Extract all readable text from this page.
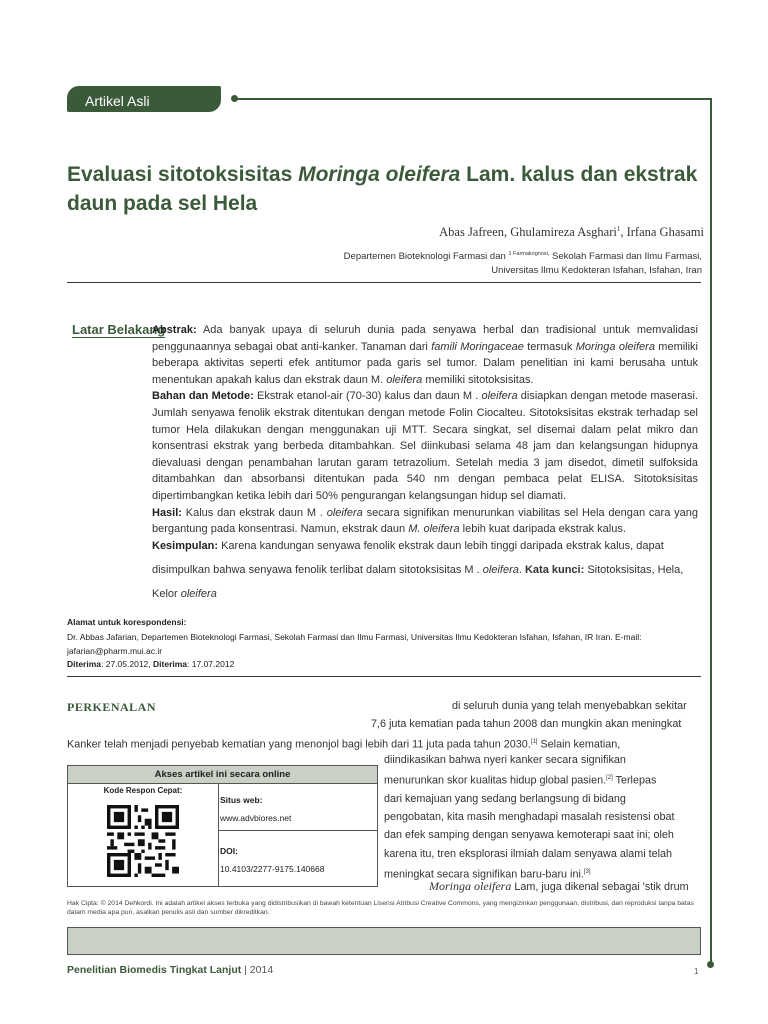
Artikel Asli
Evaluasi sitotoksisitas Moringa oleifera Lam. kalus dan ekstrak
daun pada sel Hela
Abas Jafreen, Ghulamireza Asghari$^1$, Irfana Ghasami
Departemen Bioteknologi Farmasi dan $^{1 Farmakognosi,}$ Sekolah Farmasi dan Ilmu Farmasi,
Universitas Ilmu Kedokteran Isfahan, Isfahan, Iran
Latar Belakang
Abstrak: Ada banyak upaya di seluruh dunia pada senyawa herbal dan tradisional untuk memvalidasi penggunaannya sebagai obat anti-kanker. Tanaman dari famili Moringaceae termasuk Moringa oleifera memiliki beberapa aktivitas seperti efek antitumor pada garis sel tumor. Dalam penelitian ini kami berusaha untuk menentukan apakah kalus dan ekstrak daun M. oleifera memiliki sitotoksisitas.
Bahan dan Metode: Ekstrak etanol-air (70-30) kalus dan daun M . oleifera disiapkan dengan metode maserasi. Jumlah senyawa fenolik ekstrak ditentukan dengan metode Folin Ciocalteu. Sitotoksisitas ekstrak terhadap sel tumor Hela dilakukan dengan menggunakan uji MTT. Secara singkat, sel disemai dalam pelat mikro dan konsentrasi ekstrak yang berbeda ditambahkan. Sel diinkubasi selama 48 jam dan kelangsungan hidupnya dievaluasi dengan penambahan larutan garam tetrazolium. Setelah media 3 jam disedot, dimetil sulfoksida ditambahkan dan absorbansi ditentukan pada 540 nm dengan pembaca pelat ELISA. Sitotoksisitas dipertimbangkan ketika lebih dari 50% pengurangan kelangsungan hidup sel diamati.
Hasil: Kalus dan ekstrak daun M . oleifera secara signifikan menurunkan viabilitas sel Hela dengan cara yang bergantung pada konsentrasi. Namun, ekstrak daun M. oleifera lebih kuat daripada ekstrak kalus.
Kesimpulan: Karena kandungan senyawa fenolik ekstrak daun lebih tinggi daripada ekstrak kalus, dapat
disimpulkan bahwa senyawa fenolik terlibat dalam sitotoksisitas M . oleifera. Kata kunci: Sitotoksisitas, Hela,
Kelor oleifera
Alamat untuk korespondensi:
Dr. Abbas Jafarian, Departemen Bioteknologi Farmasi, Sekolah Farmasi dan Ilmu Farmasi, Universitas Ilmu Kedokteran Isfahan, Isfahan, IR Iran. E-mail:
jafarian@pharm.mui.ac.ir
Diterima: 27.05.2012, Diterima: 17.07.2012
PERKENALAN	di seluruh dunia yang telah menyebabkan sekitar
7,6 juta kematian pada tahun 2008 dan mungkin akan meningkat
Kanker telah menjadi penyebab kematian yang menonjol bagi lebih dari 11 juta pada tahun 2030.[1] Selain kematian,
diindikasikan bahwa nyeri kanker secara signifikan
menurunkan skor kualitas hidup global pasien.[2] Terlepas
dari kemajuan yang sedang berlangsung di bidang
pengobatan, kita masih menghadapi masalah resistensi obat
dan efek samping dengan senyawa kemoterapi saat ini; oleh
karena itu, tren eksplorasi ilmiah dalam senyawa alami telah
meningkat secara signifikan baru-baru ini.[3]
Moringa oleifera Lam, juga dikenal sebagai 'stik drum
Akses artikel ini secara online
Kode Respon Cepat:
Situs web:
www.advbiores.net
DOI:
10.4103/2277-9175.140668
Hak Cipta: © 2014 Dehkordi. Ini adalah artikel akses terbuka yang didistribusikan di bawah ketentuan Lisensi Atribusi Creative Commons, yang mengizinkan penggunaan, distribusi, dan reproduksi tanpa batas dalam media apa pun, asalkan penulis asli dan sumber dikreditkan.
Penelitian Biomedis Tingkat Lanjut | 2014	1
